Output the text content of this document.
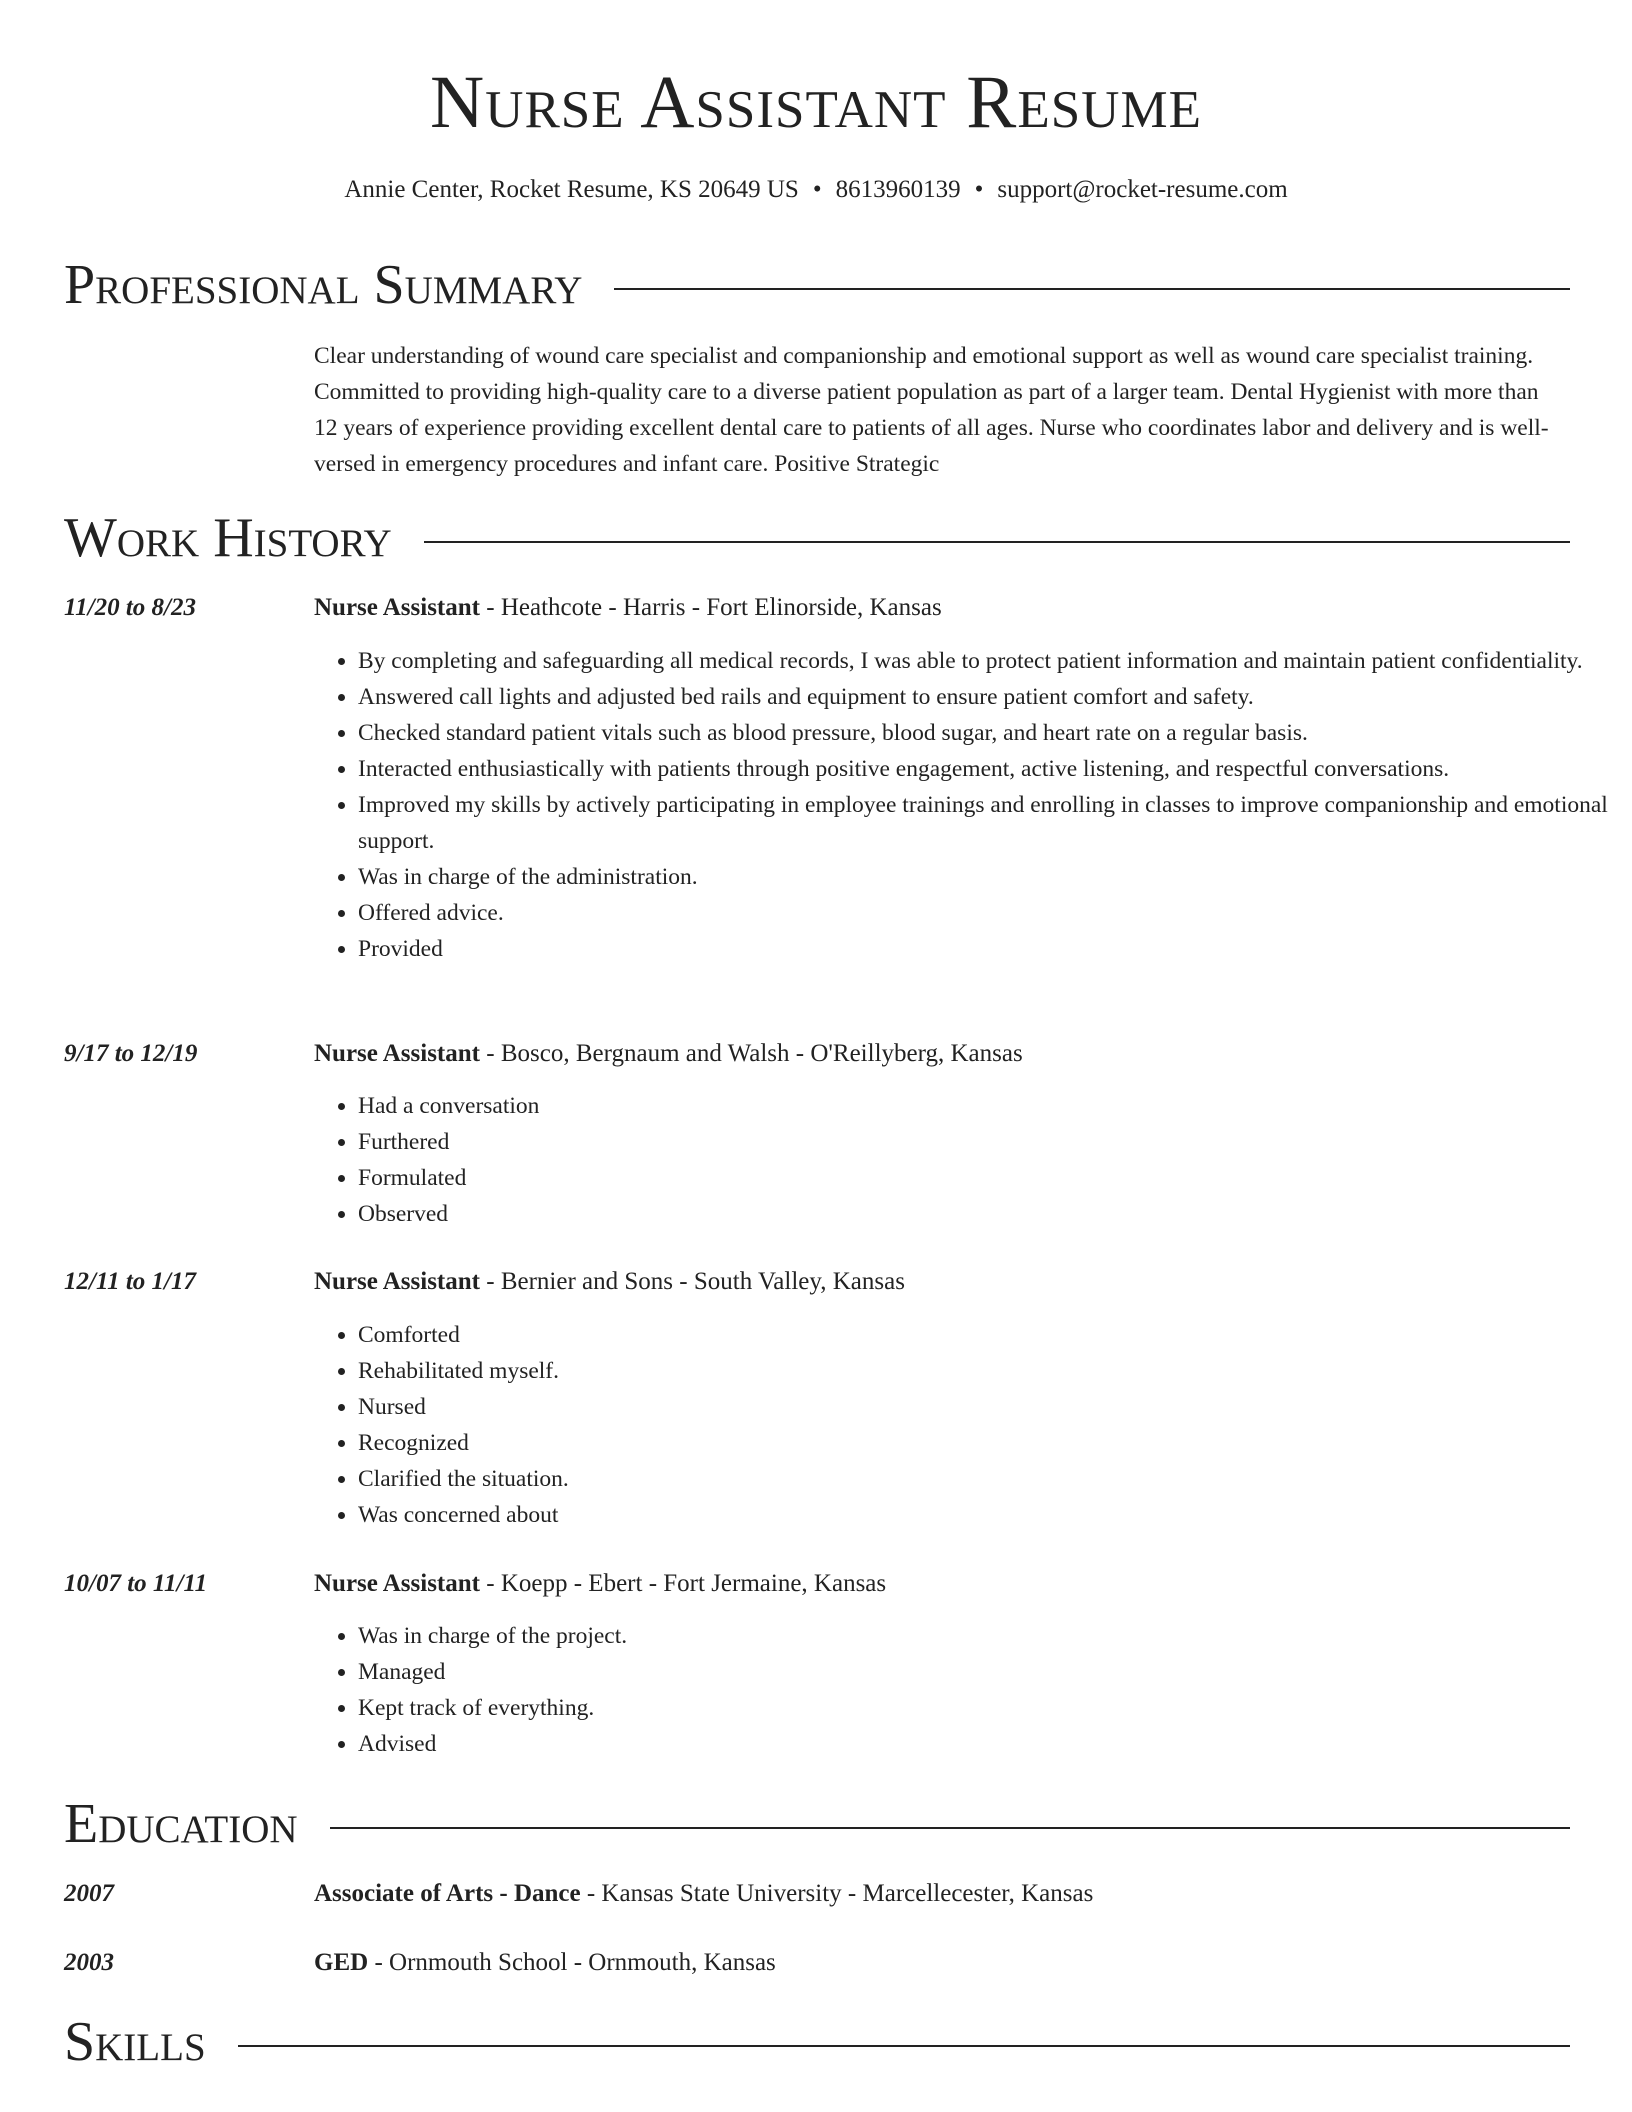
Nurse Assistant Resume
Annie Center, Rocket Resume, KS 20649 US • 8613960139 • support@rocket-resume.com
Professional Summary

Clear understanding of wound care specialist and companionship and emotional support as well as wound care specialist training. Committed to providing high-quality care to a diverse patient population as part of a larger team. Dental Hygienist with more than 12 years of experience providing excellent dental care to patients of all ages. Nurse who coordinates labor and delivery and is well-versed in emergency procedures and infant care. Positive Strategic

Work History
11/20 to 8/23	Nurse Assistant - Heathcote - Harris - Fort Elinorside, Kansas
• By completing and safeguarding all medical records, I was able to protect patient information and maintain patient confidentiality.
• Answered call lights and adjusted bed rails and equipment to ensure patient comfort and safety.
• Checked standard patient vitals such as blood pressure, blood sugar, and heart rate on a regular basis.
• Interacted enthusiastically with patients through positive engagement, active listening, and respectful conversations.
• Improved my skills by actively participating in employee trainings and enrolling in classes to improve companionship and emotional support.
• Was in charge of the administration.
• Offered advice.
• Provided
9/17 to 12/19	Nurse Assistant - Bosco, Bergnaum and Walsh - O'Reillyberg, Kansas
• Had a conversation
• Furthered
• Formulated
• Observed
12/11 to 1/17	Nurse Assistant - Bernier and Sons - South Valley, Kansas
• Comforted
• Rehabilitated myself.
• Nursed
• Recognized
• Clarified the situation.
• Was concerned about
10/07 to 11/11	Nurse Assistant - Koepp - Ebert - Fort Jermaine, Kansas
• Was in charge of the project.
• Managed
• Kept track of everything.
• Advised
Education
2007	Associate of Arts - Dance - Kansas State University - Marcellecester, Kansas
2003	GED - Ornmouth School - Ornmouth, Kansas
Skills
